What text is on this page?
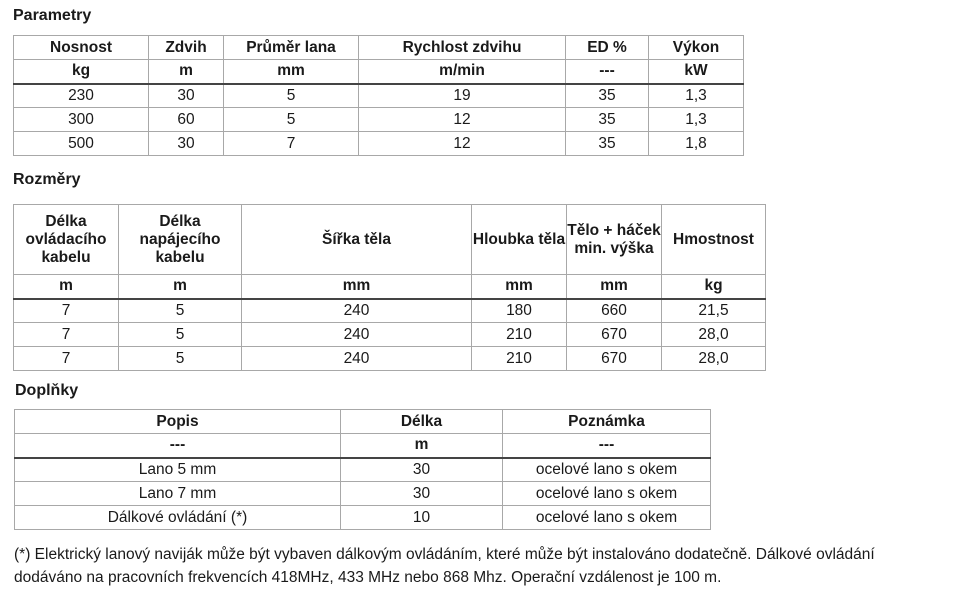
Parametry
Nosnost	Zdvih	Průměr lana	Rychlost zdvihu	ED %	Výkon
kg	m	mm	m/min	---	kW
230	30	5	19	35	1,3
300	60	5	12	35	1,3
500	30	7	12	35	1,8
Rozměry
Délka ovládacího kabelu	Délka napájecího kabelu	Šířka těla	Hloubka těla	Tělo + háček min. výška	Hmostnost
m	m	mm	mm	mm	kg
7	5	240	180	660	21,5
7	5	240	210	670	28,0
7	5	240	210	670	28,0
Doplňky
Popis	Délka	Poznámka
---	m	---
Lano 5 mm	30	ocelové lano s okem
Lano 7 mm	30	ocelové lano s okem
Dálkové ovládání (*)	10	ocelové lano s okem
(*) Elektrický lanový naviják může být vybaven dálkovým ovládáním, které může být instalováno dodatečně. Dálkové ovládání dodáváno na pracovních frekvencích 418MHz, 433 MHz nebo 868 Mhz. Operační vzdálenost je 100 m.
